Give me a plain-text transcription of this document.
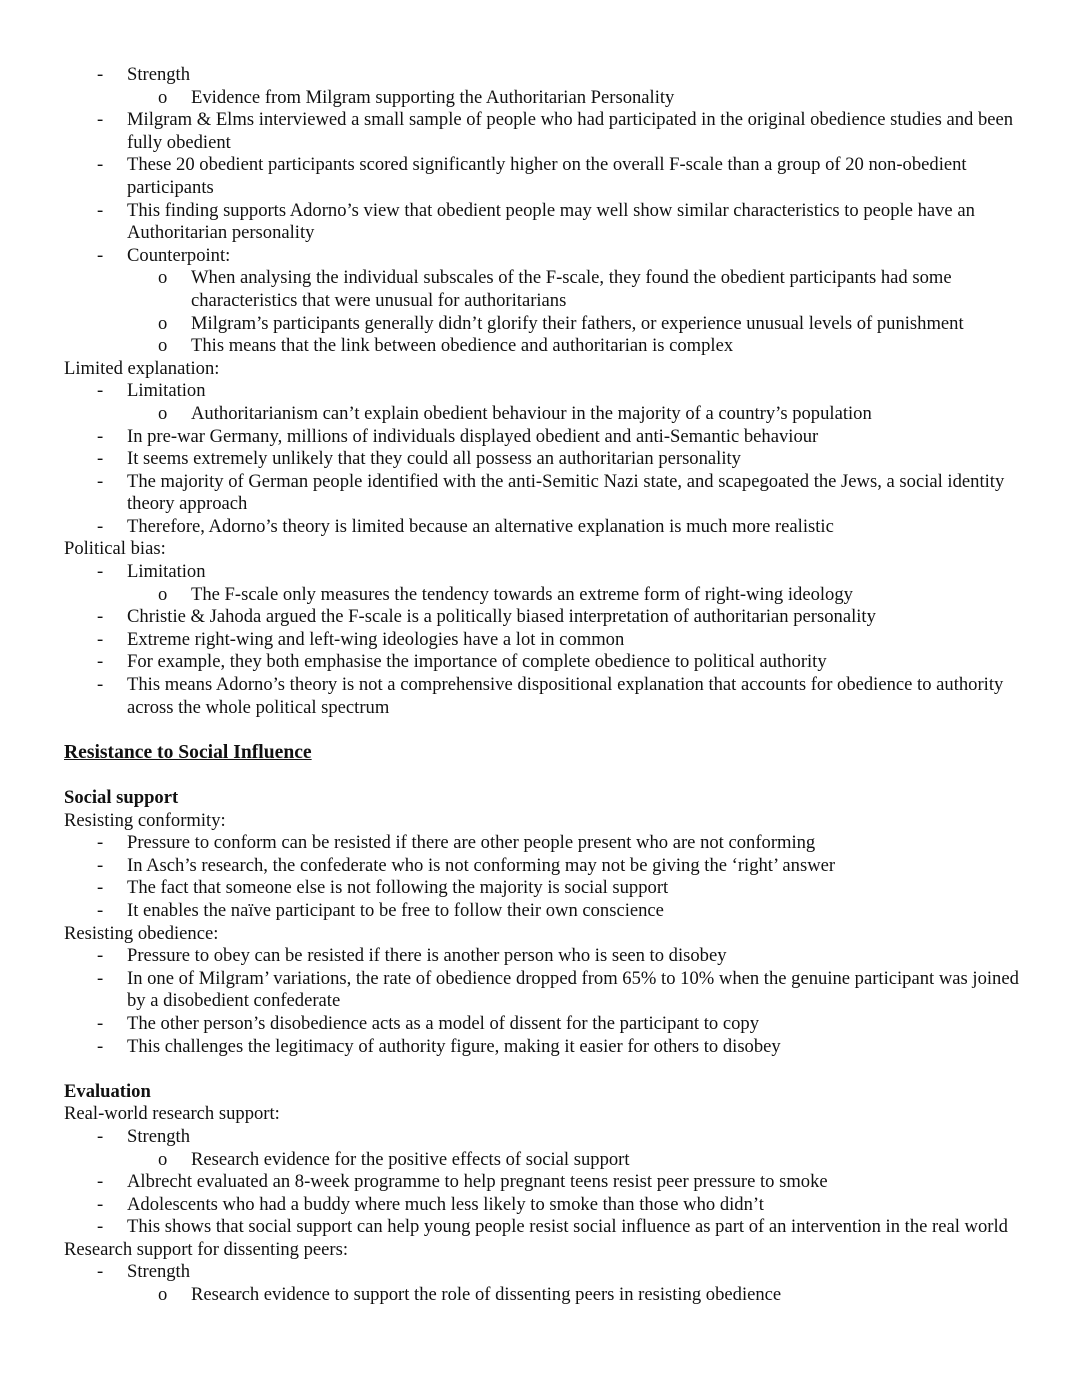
- Strength
o Evidence from Milgram supporting the Authoritarian Personality
- Milgram & Elms interviewed a small sample of people who had participated in the original obedience studies and been fully obedient
- These 20 obedient participants scored significantly higher on the overall F-scale than a group of 20 non-obedient participants
- This finding supports Adorno’s view that obedient people may well show similar characteristics to people have an Authoritarian personality
- Counterpoint:
o When analysing the individual subscales of the F-scale, they found the obedient participants had some characteristics that were unusual for authoritarians
o Milgram’s participants generally didn’t glorify their fathers, or experience unusual levels of punishment
o This means that the link between obedience and authoritarian is complex
Limited explanation:
- Limitation
o Authoritarianism can’t explain obedient behaviour in the majority of a country’s population
- In pre-war Germany, millions of individuals displayed obedient and anti-Semantic behaviour
- It seems extremely unlikely that they could all possess an authoritarian personality
- The majority of German people identified with the anti-Semitic Nazi state, and scapegoated the Jews, a social identity theory approach
- Therefore, Adorno’s theory is limited because an alternative explanation is much more realistic
Political bias:
- Limitation
o The F-scale only measures the tendency towards an extreme form of right-wing ideology
- Christie & Jahoda argued the F-scale is a politically biased interpretation of authoritarian personality
- Extreme right-wing and left-wing ideologies have a lot in common
- For example, they both emphasise the importance of complete obedience to political authority
- This means Adorno’s theory is not a comprehensive dispositional explanation that accounts for obedience to authority across the whole political spectrum
Resistance to Social Influence
Social support
Resisting conformity:
- Pressure to conform can be resisted if there are other people present who are not conforming
- In Asch’s research, the confederate who is not conforming may not be giving the ‘right’ answer
- The fact that someone else is not following the majority is social support
- It enables the naïve participant to be free to follow their own conscience
Resisting obedience:
- Pressure to obey can be resisted if there is another person who is seen to disobey
- In one of Milgram’ variations, the rate of obedience dropped from 65% to 10% when the genuine participant was joined by a disobedient confederate
- The other person’s disobedience acts as a model of dissent for the participant to copy
- This challenges the legitimacy of authority figure, making it easier for others to disobey
Evaluation
Real-world research support:
- Strength
o Research evidence for the positive effects of social support
- Albrecht evaluated an 8-week programme to help pregnant teens resist peer pressure to smoke
- Adolescents who had a buddy where much less likely to smoke than those who didn’t
- This shows that social support can help young people resist social influence as part of an intervention in the real world
Research support for dissenting peers:
- Strength
o Research evidence to support the role of dissenting peers in resisting obedience
